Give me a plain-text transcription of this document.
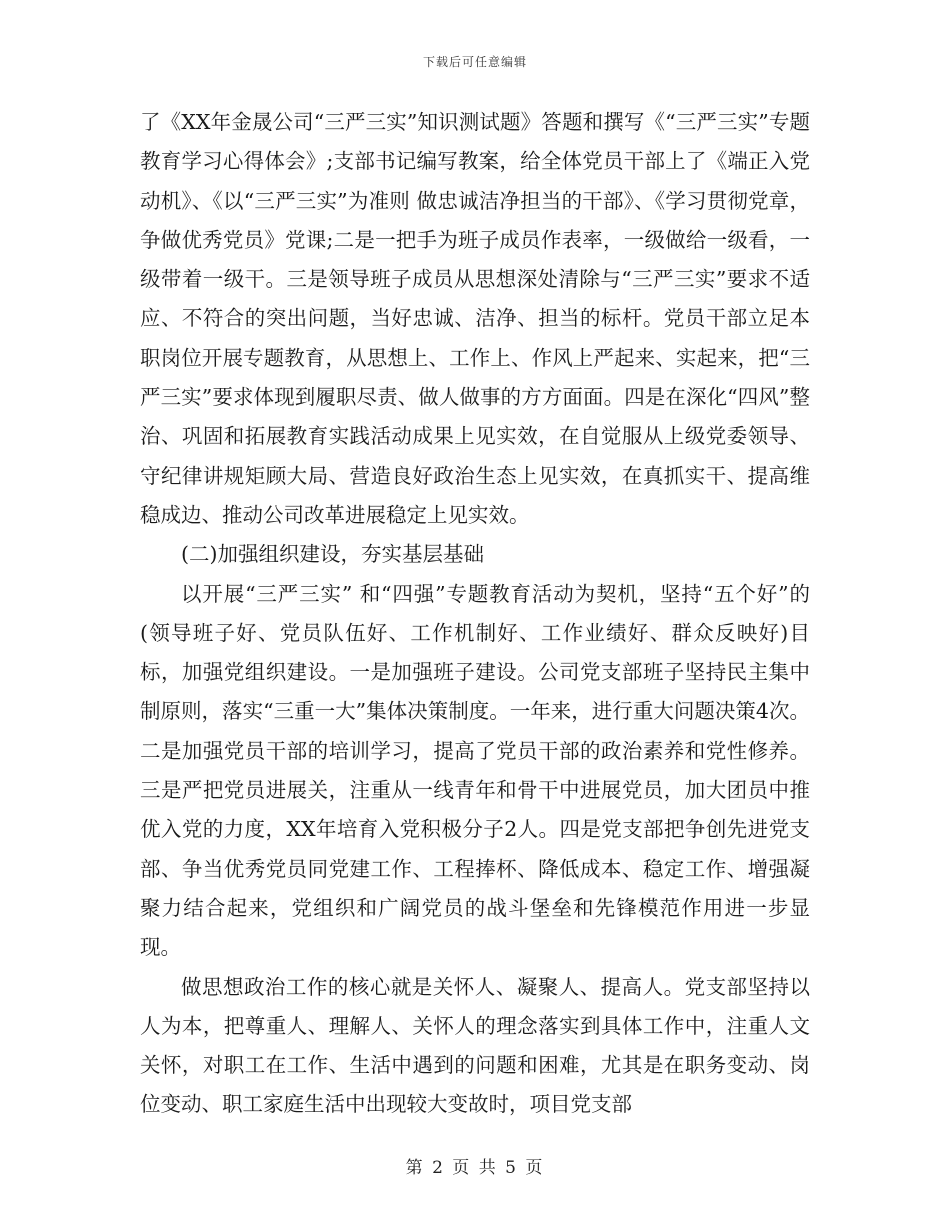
下载后可任意编辑

了《XX年金晟公司“三严三实”知识测试题》答题和撰写《“三严三实”专题教育学习心得体会》;支部书记编写教案，给全体党员干部上了《端正入党动机》、《以“三严三实”为准则 做忠诚洁净担当的干部》、《学习贯彻党章，争做优秀党员》党课;二是一把手为班子成员作表率，一级做给一级看，一级带着一级干。三是领导班子成员从思想深处清除与“三严三实”要求不适应、不符合的突出问题，当好忠诚、洁净、担当的标杆。党员干部立足本职岗位开展专题教育，从思想上、工作上、作风上严起来、实起来，把“三严三实”要求体现到履职尽责、做人做事的方方面面。四是在深化“四风”整治、巩固和拓展教育实践活动成果上见实效，在自觉服从上级党委领导、守纪律讲规矩顾大局、营造良好政治生态上见实效，在真抓实干、提高维稳成边、推动公司改革进展稳定上见实效。

(二)加强组织建设，夯实基层基础

以开展“三严三实” 和“四强”专题教育活动为契机，坚持“五个好”的(领导班子好、党员队伍好、工作机制好、工作业绩好、群众反映好)目标，加强党组织建设。一是加强班子建设。公司党支部班子坚持民主集中制原则，落实“三重一大”集体决策制度。一年来，进行重大问题决策4次。二是加强党员干部的培训学习，提高了党员干部的政治素养和党性修养。三是严把党员进展关，注重从一线青年和骨干中进展党员，加大团员中推优入党的力度，XX年培育入党积极分子2人。四是党支部把争创先进党支部、争当优秀党员同党建工作、工程捧杯、降低成本、稳定工作、增强凝聚力结合起来，党组织和广阔党员的战斗堡垒和先锋模范作用进一步显现。

做思想政治工作的核心就是关怀人、凝聚人、提高人。党支部坚持以人为本，把尊重人、理解人、关怀人的理念落实到具体工作中，注重人文关怀，对职工在工作、生活中遇到的问题和困难，尤其是在职务变动、岗位变动、职工家庭生活中出现较大变故时，项目党支部

第 2 页 共 5 页
